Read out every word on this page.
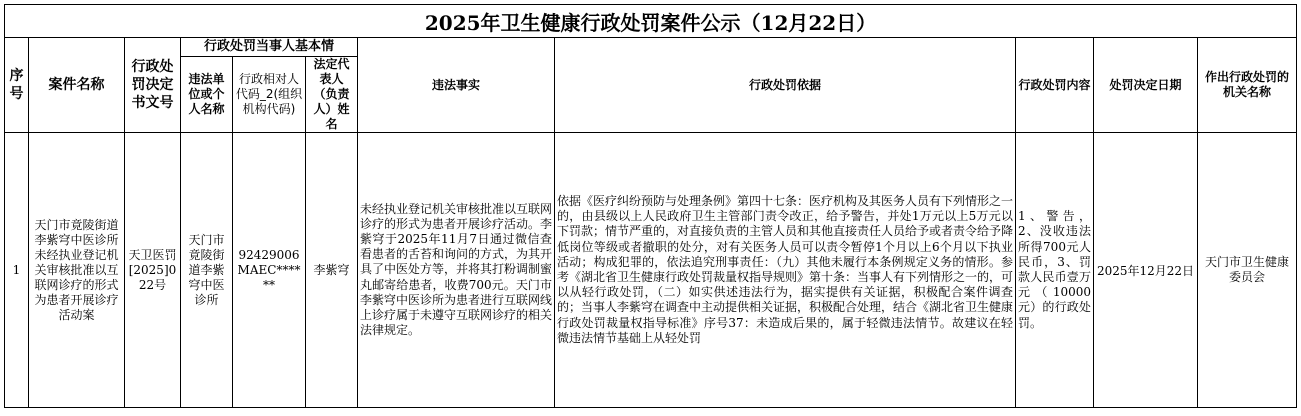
2025年卫生健康行政处罚案件公示（12月22日）										
序号	案件名称	行政处罚决定书文号	行政处罚当事人基本情			违法事实	行政处罚依据	行政处罚内容	处罚决定日期	作出行政处罚的机关名称
			违法单位或个人名称	行政相对人代码_2(组织机构代码)	法定代表人（负责人）姓名					
1	天门市竟陵街道李紫穹中医诊所未经执业登记机关审核批准以互联网诊疗的形式为患者开展诊疗活动案	天卫医罚[2025]022号	天门市竟陵街道李紫穹中医诊所	92429006MAEC******	李紫穹	未经执业登记机关审核批准以互联网诊疗的形式为患者开展诊疗活动。李紫穹于2025年11月7日通过微信查看患者的舌苔和询问的方式，为其开具了中医处方等，并将其打粉调制蜜丸邮寄给患者，收费700元。天门市李紫穹中医诊所为患者进行互联网线上诊疗属于未遵守互联网诊疗的相关法律规定。	依据《医疗纠纷预防与处理条例》第四十七条：医疗机构及其医务人员有下列情形之一的，由县级以上人民政府卫生主管部门责令改正，给予警告，并处1万元以上5万元以下罚款；情节严重的，对直接负责的主管人员和其他直接责任人员给予或者责令给予降低岗位等级或者撤职的处分，对有关医务人员可以责令暂停1个月以上6个月以下执业活动；构成犯罪的，依法追究刑事责任：（九）其他未履行本条例规定义务的情形。参考《湖北省卫生健康行政处罚裁量权指导规则》第十条：当事人有下列情形之一的，可以从轻行政处罚，（二）如实供述违法行为，据实提供有关证据，积极配合案件调查的；当事人李紫穹在调查中主动提供相关证据，积极配合处理，结合《湖北省卫生健康行政处罚裁量权指导标准》序号37：未造成后果的，属于轻微违法情节。故建议在轻微违法情节基础上从轻处罚	1、警告，2、没收违法所得700元人民币，3、罚款人民币壹万元（10000元）的行政处罚。	2025年12月22日	天门市卫生健康委员会
